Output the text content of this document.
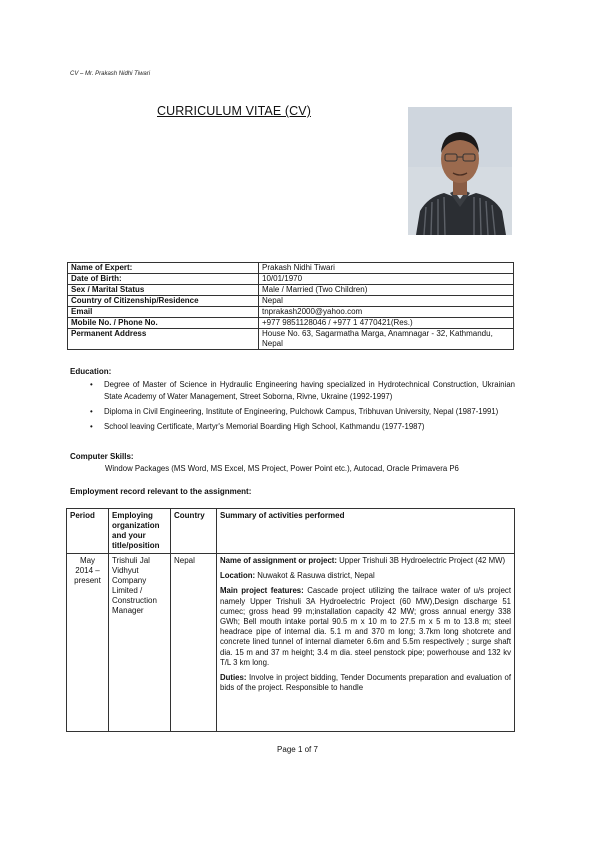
CV – Mr. Prakash Nidhi Tiwari
CURRICULUM VITAE (CV)
Name of Expert:	Prakash Nidhi Tiwari
Date of Birth:	10/01/1970
Sex / Marital Status	Male / Married (Two Children)
Country of Citizenship/Residence	Nepal
Email	tnprakash2000@yahoo.com
Mobile No. / Phone No.	+977 9851128046 / +977 1 4770421(Res.)
Permanent Address	House No. 63, Sagarmatha Marga, Anamnagar - 32, Kathmandu, Nepal
Education:
• Degree of Master of Science in Hydraulic Engineering having specialized in Hydrotechnical Construction, Ukrainian State Academy of Water Management, Street Soborna, Rivne, Ukraine (1992-1997)
• Diploma in Civil Engineering, Institute of Engineering, Pulchowk Campus, Tribhuvan University, Nepal (1987-1991)
• School leaving Certificate, Martyr's Memorial Boarding High School, Kathmandu (1977-1987)
Computer Skills:
Window Packages (MS Word, MS Excel, MS Project, Power Point etc.), Autocad, Oracle Primavera P6
Employment record relevant to the assignment:
Period	Employing organization and your title/position	Country	Summary of activities performed
May 2014 – present	Trishuli Jal Vidhyut Company Limited / Construction Manager	Nepal	Name of assignment or project: Upper Trishuli 3B Hydroelectric Project (42 MW)

Location: Nuwakot & Rasuwa district, Nepal

Main project features: Cascade project utilizing the tailrace water of u/s project namely Upper Trishuli 3A Hydroelectric Project (60 MW),Design discharge 51 cumec; gross head 99 m;installation capacity 42 MW; gross annual energy 338 GWh; Bell mouth intake portal 90.5 m x 10 m to 27.5 m x 5 m to 13.8 m; steel headrace pipe of internal dia. 5.1 m and 370 m long; 3.7km long shotcrete and concrete lined tunnel of internal diameter 6.6m and 5.5m respectively ; surge shaft dia. 15 m and 37 m height; 3.4 m dia. steel penstock pipe; powerhouse and 132 kv T/L 3 km long.

Duties: Involve in project bidding, Tender Documents preparation and evaluation of bids of the project. Responsible to handle

Page 1 of 7
